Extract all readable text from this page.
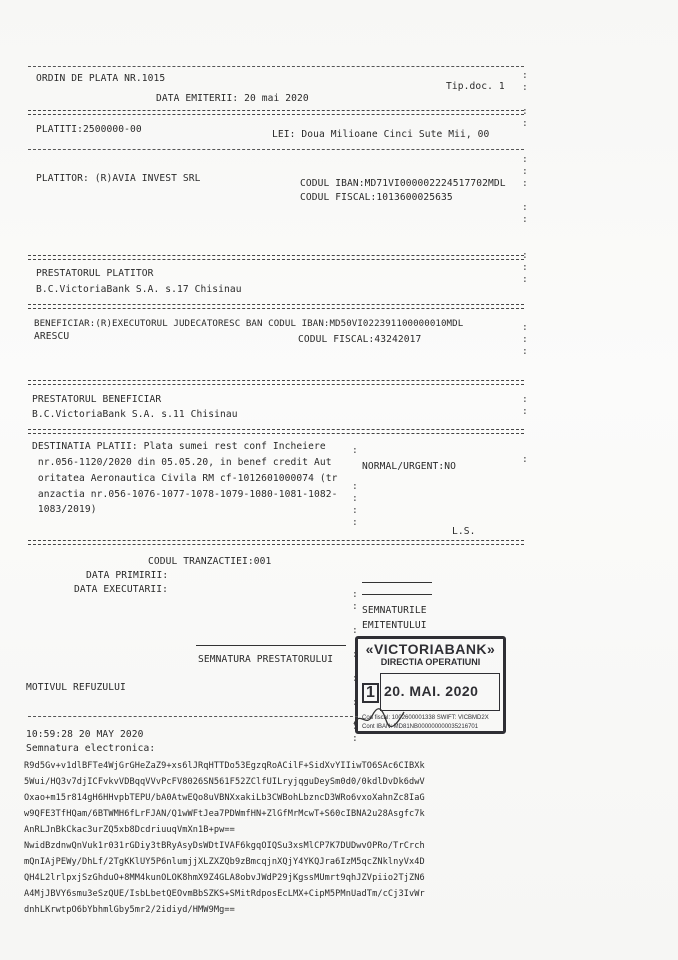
ORDIN DE PLATA NR.1015
Tip.doc. 1
DATA EMITERII: 20 mai 2020
PLATITI:2500000-00	LEI: Doua Milioane Cinci Sute Mii, 00
PLATITOR: (R)AVIA INVEST SRL	CODUL IBAN:MD71VI000002224517702MDL
CODUL FISCAL:1013600025635
PRESTATORUL PLATITOR
B.C.VictoriaBank S.A. s.17 Chisinau
BENEFICIAR:(R)EXECUTORUL JUDECATORESC BAN CODUL IBAN:MD50VI022391100000010MDL
ARESCU	CODUL FISCAL:43242017
PRESTATORUL BENEFICIAR
B.C.VictoriaBank S.A. s.11 Chisinau
DESTINATIA PLATII: Plata sumei rest conf Incheiere
nr.056-1120/2020 din 05.05.20, in benef credit Aut
oritatea Aeronautica Civila RM cf-1012601000074 (tr
anzactia nr.056-1076-1077-1078-1079-1080-1081-1082-
1083/2019)
NORMAL/URGENT:NO
L.S.
:
:

:
:

:
:
:

:
:

:
:
:

:
:
:

:
:

:
:

:
:
:
:

:
:

:

:

:

:

:
:
CODUL TRANZACTIEI:001
DATA PRIMIRII:
DATA EXECUTARII:
SEMNATURILE
EMITENTULUI
SEMNATURA PRESTATORULUI
MOTIVUL REFUZULUI
«VICTORIABANK»
DIRECTIA OPERATIUNI
1 20. MAI. 2020
Cod fiscal: 1002600001338 SWIFT: VICBMD2X
Cont IBAN: MD81NB000000000035216701
10:59:28 20 MAY 2020
Semnatura electronica:
R9d5Gv+v1dlBFTe4WjGrGHeZaZ9+xs6lJRqHTTDo53EgzqRoACilF+SidXvYIIiwTO6SAc6CIBXk
5Wui/HQ3v7djICFvkvVDBqqVVvPcFV8026SN561F52ZClfUILryjqguDeySm0d0/0kdlDvDk6dwV
Oxao+m15r814gH6HHvpbTEPU/bA0AtwEQo8uVBNXxakiLb3CWBohLbzncD3WRo6vxoXahnZc8IaG
w9QFE3TfHQam/6BTWMH6fLrFJAN/Q1wWFtJea7PDWmfHN+ZlGfMrMcwT+S60cIBNA2u28Asgfc7k
AnRLJnBkCkac3urZQ5xb8DcdriuuqVmXn1B+pw==
NwidBzdnwQnVuk1r031rGDiy3tBRyAsyDsWDtIVAF6kgqOIQSu3xsMlCP7K7DUDwvOPRo/TrCrch
mQnIAjPEWy/DhLf/2TgKKlUY5P6nlumjjXLZXZQb9zBmcqjnXQjY4YKQJra6IzM5qcZNklnyVx4D
QH4L2lrlpxjSzGhduO+8MM4kunOLOK8hmX9Z4GLA8obvJWdP29jKgssMUmrt9qhJZVpiio2TjZN6
A4MjJBVY6smu3eSzQUE/IsbLbetQEOvmBbSZKS+SMitRdposEcLMX+CipM5PMnUadTm/cCj3IvWr
dnhLKrwtpO6bYbhmlGby5mr2/2idiyd/HMW9Mg==
